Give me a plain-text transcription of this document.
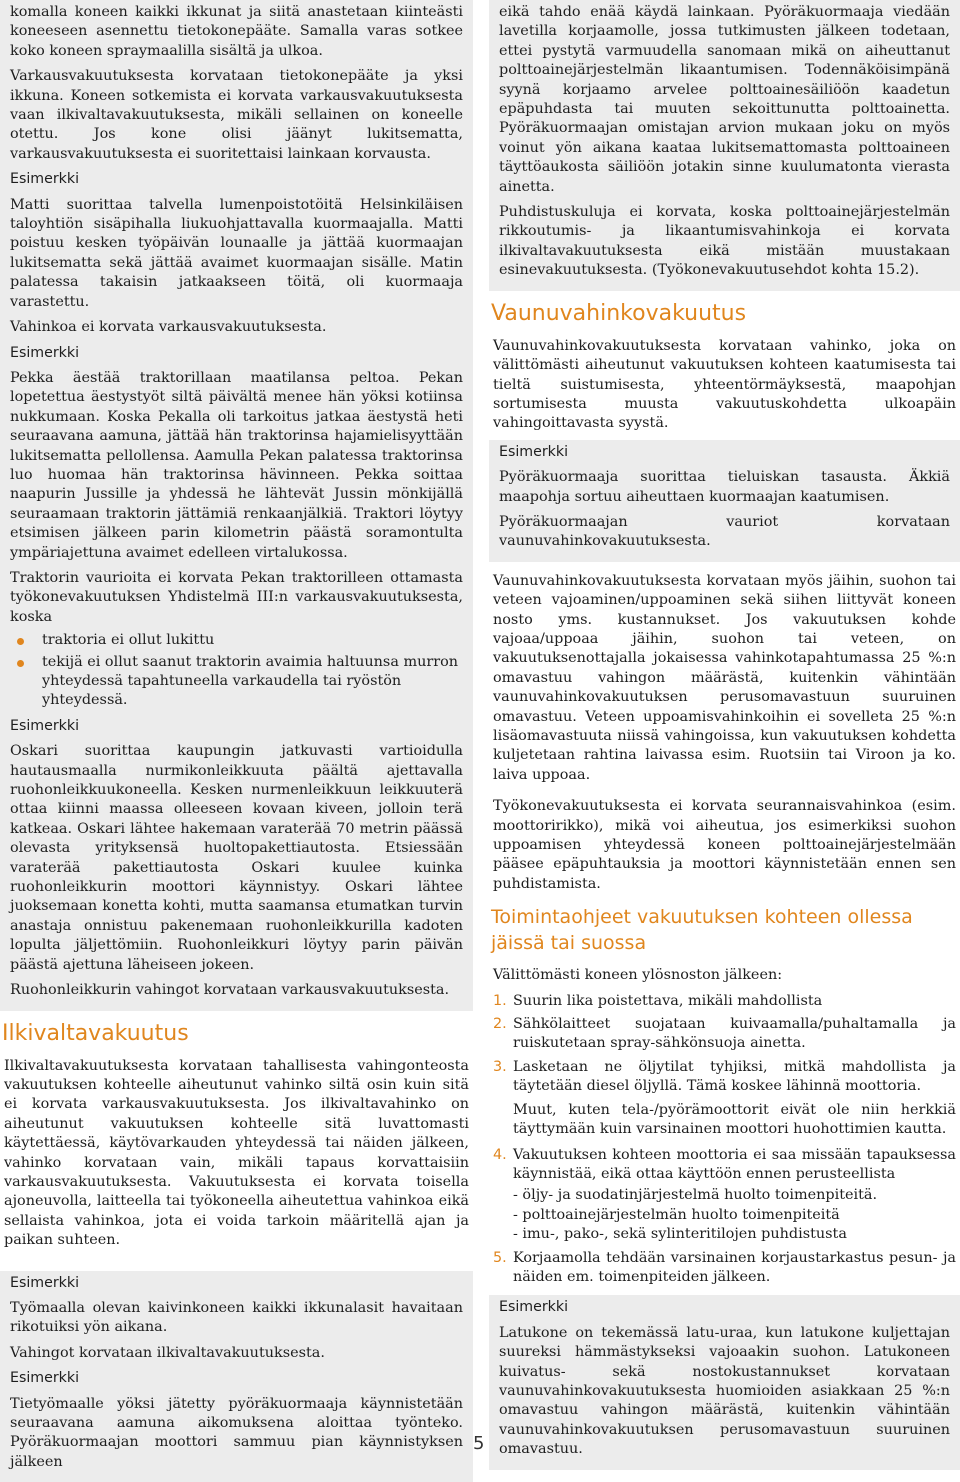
komalla koneen kaikki ikkunat ja siitä anastetaan kiinteästi koneeseen asennettu tietokonepääte. Samalla varas sotkee koko koneen spraymaalilla sisältä ja ulkoa.

Varkausvakuutuksesta korvataan tietokonepääte ja yksi ikkuna. Koneen sotkemista ei korvata varkausvakuutuksesta vaan ilkivaltavakuutuksesta, mikäli sellainen on koneelle otettu. Jos kone olisi jäänyt lukitsematta, varkausvakuutuksesta ei suoritettaisi lainkaan korvausta.

Esimerkki

Matti suorittaa talvella lumenpoistotöitä Helsinkiläisen taloyhtiön sisäpihalla liukuohjattavalla kuormaajalla. Matti poistuu kesken työpäivän lounaalle ja jättää kuormaajan lukitsematta sekä jättää avaimet kuormaajan sisälle. Matin palatessa takaisin jatkaakseen töitä, oli kuormaaja varastettu.

Vahinkoa ei korvata varkausvakuutuksesta.

Esimerkki

Pekka äestää traktorillaan maatilansa peltoa. Pekan lopetettua äestystyöt siltä päivältä menee hän yöksi kotiinsa nukkumaan. Koska Pekalla oli tarkoitus jatkaa äestystä heti seuraavana aamuna, jättää hän traktorinsa hajamielisyyttään lukitsematta pellollensa. Aamulla Pekan palatessa traktorinsa luo huomaa hän traktorinsa hävinneen. Pekka soittaa naapurin Jussille ja yhdessä he lähtevät Jussin mönkijällä seuraamaan traktorin jättämiä renkaanjälkiä. Traktori löytyy etsimisen jälkeen parin kilometrin päästä soramontulta ympäriajettuna avaimet edelleen virtalukossa.

Traktorin vaurioita ei korvata Pekan traktorilleen ottamasta työkonevakuutuksen Yhdistelmä III:n varkausvakuutuksesta, koska

traktoria ei ollut lukittu
tekijä ei ollut saanut traktorin avaimia haltuunsa murron yhteydessä tapahtuneella varkaudella tai ryöstön yhteydessä.

Esimerkki

Oskari suorittaa kaupungin jatkuvasti vartioidulla hautausmaalla nurmikonleikkuuta päältä ajettavalla ruohonleikkuukoneella. Kesken nurmenleikkuun leikkuuterä ottaa kiinni maassa olleeseen kovaan kiveen, jolloin terä katkeaa. Oskari lähtee hakemaan varaterää 70 metrin päässä olevasta yrityksensä huoltopakettiautosta. Etsiessään varaterää pakettiautosta Oskari kuulee kuinka ruohonleikkurin moottori käynnistyy. Oskari lähtee juoksemaan konetta kohti, mutta saamansa etumatkan turvin anastaja onnistuu pakenemaan ruohonleikkurilla kadoten lopulta jäljettömiin. Ruohonleikkuri löytyy parin päivän päästä ajettuna läheiseen jokeen.

Ruohonleikkurin vahingot korvataan varkausvakuutuksesta.

Ilkivaltavakuutus

Ilkivaltavakuutuksesta korvataan tahallisesta vahingonteosta vakuutuksen kohteelle aiheutunut vahinko siltä osin kuin sitä ei korvata varkausvakuutuksesta. Jos ilkivaltavahinko on aiheutunut vakuutuksen kohteelle sitä luvattomasti käytettäessä, käytövarkauden yhteydessä tai näiden jälkeen, vahinko korvataan vain, mikäli tapaus korvattaisiin varkausvakuutuksesta. Vakuutuksesta ei korvata toisella ajoneuvolla, laitteella tai työkoneella aiheutettua vahinkoa eikä sellaista vahinkoa, jota ei voida tarkoin määritellä ajan ja paikan suhteen.

Esimerkki

Työmaalla olevan kaivinkoneen kaikki ikkunalasit havaitaan rikotuiksi yön aikana.

Vahingot korvataan ilkivaltavakuutuksesta.

Esimerkki

Tietyömaalle yöksi jätetty pyöräkuormaaja käynnistetään seuraavana aamuna aikomuksena aloittaa työnteko. Pyöräkuormaajan moottori sammuu pian käynnistyksen jälkeen

eikä tahdo enää käydä lainkaan. Pyöräkuormaaja viedään lavetilla korjaamolle, jossa tutkimusten jälkeen todetaan, ettei pystytä varmuudella sanomaan mikä on aiheuttanut polttoainejärjestelmän likaantumisen. Todennäköisimpänä syynä korjaamo arvelee polttoainesäiliöön kaadetun epäpuhdasta tai muuten sekoittunutta polttoainetta. Pyöräkuormaajan omistajan arvion mukaan joku on myös voinut yön aikana kaataa lukitsemattomasta polttoaineen täyttöaukosta säiliöön jotakin sinne kuulumatonta vierasta ainetta.

Puhdistuskuluja ei korvata, koska polttoainejärjestelmän rikkoutumis- ja likaantumisvahinkoja ei korvata ilkivaltavakuutuksesta eikä mistään muustakaan esinevakuutuksesta. (Työkonevakuutusehdot kohta 15.2).

Vaunuvahinkovakuutus

Vaunuvahinkovakuutuksesta korvataan vahinko, joka on välittömästi aiheutunut vakuutuksen kohteen kaatumisesta tai tieltä suistumisesta, yhteentörmäyksestä, maapohjan sortumisesta muusta vakuutuskohdetta ulkoapäin vahingoittavasta syystä.

Esimerkki

Pyöräkuormaaja suorittaa tieluiskan tasausta. Äkkiä maapohja sortuu aiheuttaen kuormaajan kaatumisen.

Pyöräkuormaajan vauriot korvataan vaunuvahinkovakuutuksesta.

Vaunuvahinkovakuutuksesta korvataan myös jäihin, suohon tai veteen vajoaminen/uppoaminen sekä siihen liittyvät koneen nosto yms. kustannukset. Jos vakuutuksen kohde vajoaa/uppoaa jäihin, suohon tai veteen, on vakuutuksenottajalla jokaisessa vahinkotapahtumassa 25 %:n omavastuu vahingon määrästä, kuitenkin vähintään vaunuvahinkovakuutuksen perusomavastuun suuruinen omavastuu. Veteen uppoamisvahinkoihin ei sovelleta 25 %:n lisäomavastuuta niissä vahingoissa, kun vakuutuksen kohdetta kuljetetaan rahtina laivassa esim. Ruotsiin tai Viroon ja ko. laiva uppoaa.

Työkonevakuutuksesta ei korvata seurannaisvahinkoa (esim. moottoririkko), mikä voi aiheutua, jos esimerkiksi suohon uppoamisen yhteydessä koneen polttoainejärjestelmään pääsee epäpuhtauksia ja moottori käynnistetään ennen sen puhdistamista.

Toimintaohjeet vakuutuksen kohteen ollessa jäissä tai suossa

Välittömästi koneen ylösnoston jälkeen:

1. Suurin lika poistettava, mikäli mahdollista
2. Sähkölaitteet suojataan kuivaamalla/puhaltamalla ja ruiskutetaan spray-sähkönsuoja ainetta.
3. Lasketaan ne öljytilat tyhjiksi, mitkä mahdollista ja täytetään diesel öljyllä. Tämä koskee lähinnä moottoria.

Muut, kuten tela-/pyörämoottorit eivät ole niin herkkiä täyttymään kuin varsinainen moottori huohottimien kautta.

4. Vakuutuksen kohteen moottoria ei saa missään tapauksessa käynnistää, eikä ottaa käyttöön ennen perusteellista
- öljy- ja suodatinjärjestelmä huolto toimenpiteitä.
- polttoainejärjestelmän huolto toimenpiteitä
- imu-, pako-, sekä sylinteritilojen puhdistusta
5. Korjaamolla tehdään varsinainen korjaustarkastus pesun- ja näiden em. toimenpiteiden jälkeen.

Esimerkki

Latukone on tekemässä latu-uraa, kun latukone kuljettajan suureksi hämmästykseksi vajoaakin suohon. Latukoneen kuivatus- sekä nostokustannukset korvataan vaunuvahinkovakuutuksesta huomioiden asiakkaan 25 %:n omavastuu vahingon määrästä, kuitenkin vähintään vaunuvahinkovakuutuksen perusomavastuun suuruinen omavastuu.

5
